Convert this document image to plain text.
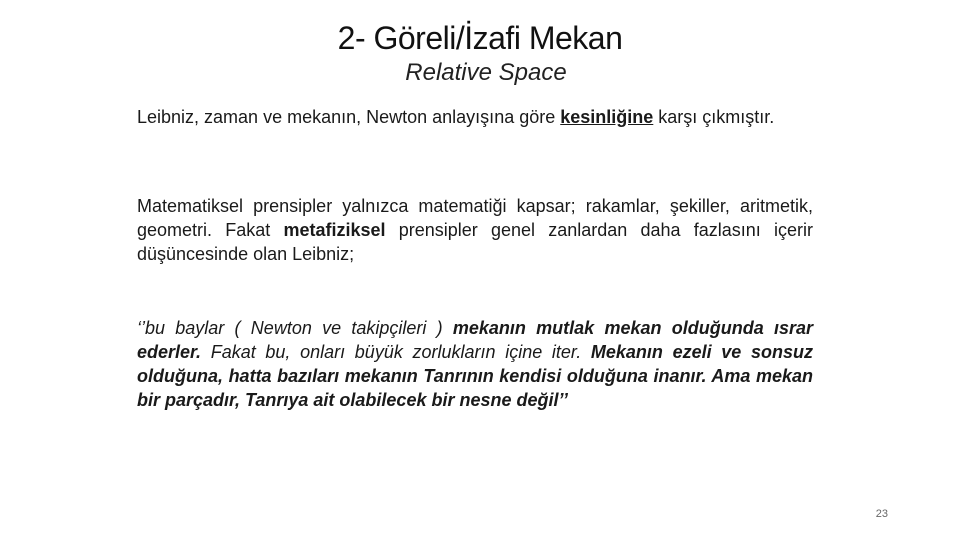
2- Göreli/İzafi Mekan
Relative Space
Leibniz, zaman ve mekanın, Newton anlayışına göre kesinliğine karşı çıkmıştır.
Matematiksel prensipler yalnızca matematiği kapsar; rakamlar, şekiller, aritmetik, geometri. Fakat metafiziksel prensipler genel zanlardan daha fazlasını içerir düşüncesinde olan Leibniz;
‘’bu baylar ( Newton ve takipçileri ) mekanın mutlak mekan olduğunda ısrar ederler. Fakat bu, onları büyük zorlukların içine iter. Mekanın ezeli ve sonsuz olduğuna, hatta bazıları mekanın Tanrının kendisi olduğuna inanır. Ama mekan bir parçadır, Tanrıya ait olabilecek bir nesne değil’’
23
